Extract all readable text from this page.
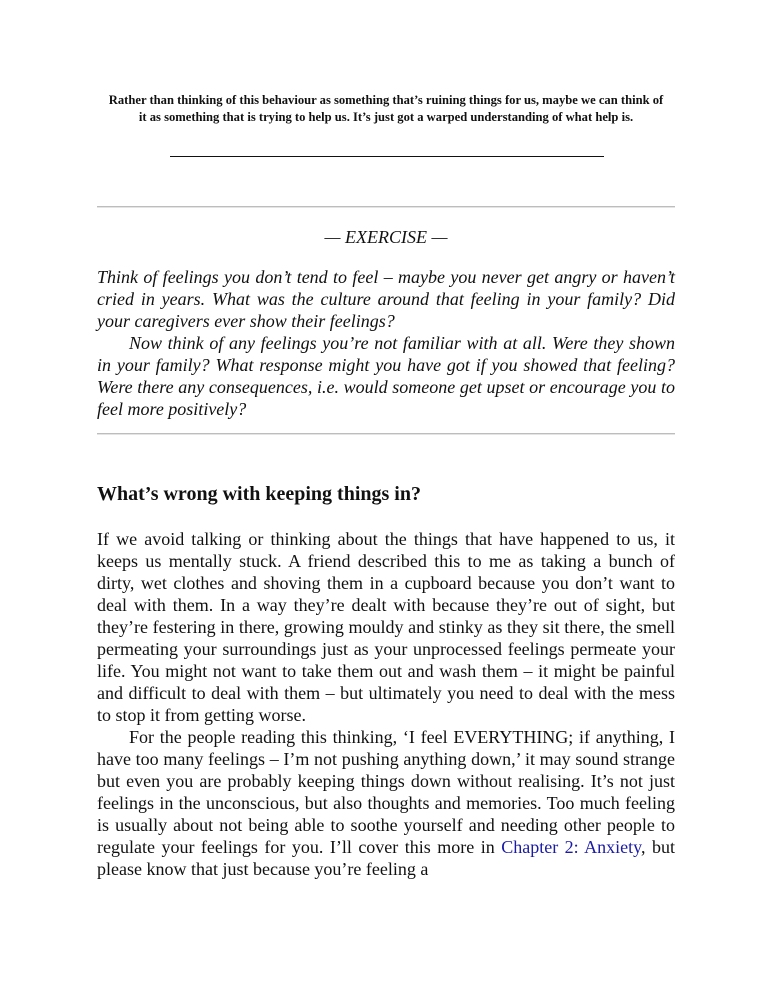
Rather than thinking of this behaviour as something that’s ruining things for us, maybe we can think of it as something that is trying to help us. It’s just got a warped understanding of what help is.
— EXERCISE —

Think of feelings you don’t tend to feel – maybe you never get angry or haven’t cried in years. What was the culture around that feeling in your family? Did your caregivers ever show their feelings?

Now think of any feelings you’re not familiar with at all. Were they shown in your family? What response might you have got if you showed that feeling? Were there any consequences, i.e. would someone get upset or encourage you to feel more positively?

What’s wrong with keeping things in?

If we avoid talking or thinking about the things that have happened to us, it keeps us mentally stuck. A friend described this to me as taking a bunch of dirty, wet clothes and shoving them in a cupboard because you don’t want to deal with them. In a way they’re dealt with because they’re out of sight, but they’re festering in there, growing mouldy and stinky as they sit there, the smell permeating your surroundings just as your unprocessed feelings permeate your life. You might not want to take them out and wash them – it might be painful and difficult to deal with them – but ultimately you need to deal with the mess to stop it from getting worse.

For the people reading this thinking, ‘I feel EVERYTHING; if anything, I have too many feelings – I’m not pushing anything down,’ it may sound strange but even you are probably keeping things down without realising. It’s not just feelings in the unconscious, but also thoughts and memories. Too much feeling is usually about not being able to soothe yourself and needing other people to regulate your feelings for you. I’ll cover this more in Chapter 2: Anxiety, but please know that just because you’re feeling a
